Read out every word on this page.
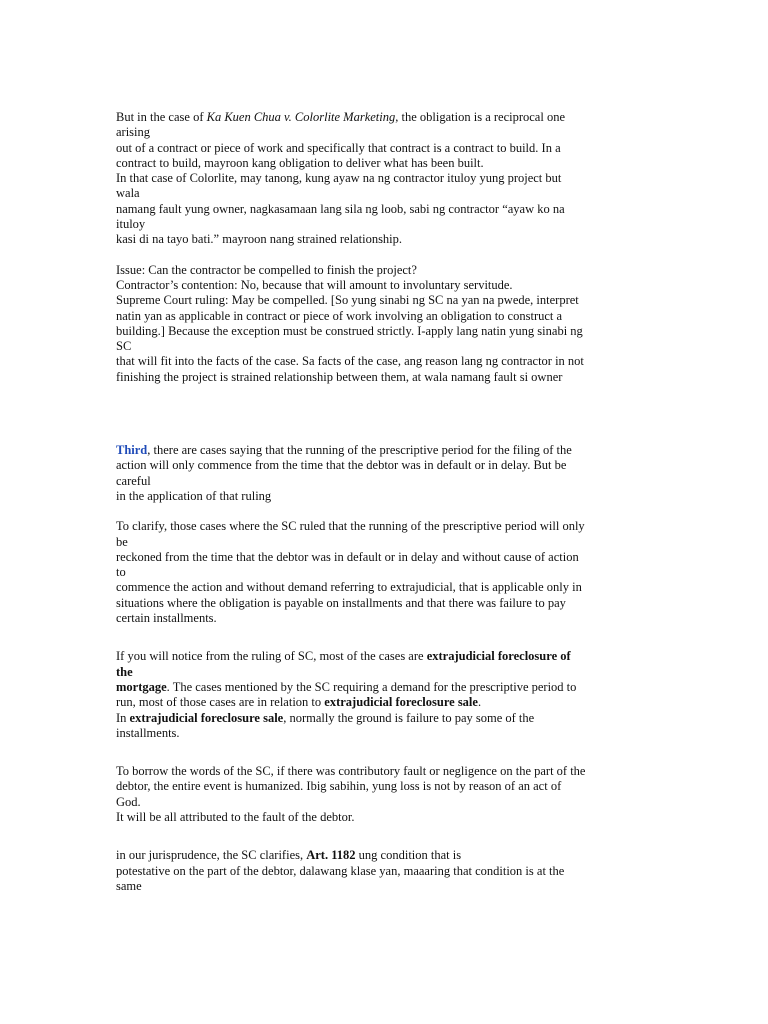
But in the case of Ka Kuen Chua v. Colorlite Marketing, the obligation is a reciprocal one
arising
out of a contract or piece of work and specifically that contract is a contract to build. In a
contract to build, mayroon kang obligation to deliver what has been built.
In that case of Colorlite, may tanong, kung ayaw na ng contractor ituloy yung project but
wala
namang fault yung owner, nagkasamaan lang sila ng loob, sabi ng contractor “ayaw ko na
ituloy
kasi di na tayo bati.” mayroon nang strained relationship.
Issue: Can the contractor be compelled to finish the project?
Contractor’s contention: No, because that will amount to involuntary servitude.
Supreme Court ruling: May be compelled. [So yung sinabi ng SC na yan na pwede, interpret
natin yan as applicable in contract or piece of work involving an obligation to construct a
building.] Because the exception must be construed strictly. I-apply lang natin yung sinabi ng
SC
that will fit into the facts of the case. Sa facts of the case, ang reason lang ng contractor in not
finishing the project is strained relationship between them, at wala namang fault si owner
Third, there are cases saying that the running of the prescriptive period for the filing of the
action will only commence from the time that the debtor was in default or in delay. But be
careful
in the application of that ruling
To clarify, those cases where the SC ruled that the running of the prescriptive period will only
be
reckoned from the time that the debtor was in default or in delay and without cause of action
to
commence the action and without demand referring to extrajudicial, that is applicable only in
situations where the obligation is payable on installments and that there was failure to pay
certain installments.
If you will notice from the ruling of SC, most of the cases are extrajudicial foreclosure of
the
mortgage. The cases mentioned by the SC requiring a demand for the prescriptive period to
run, most of those cases are in relation to extrajudicial foreclosure sale.
In extrajudicial foreclosure sale, normally the ground is failure to pay some of the
installments.
To borrow the words of the SC, if there was contributory fault or negligence on the part of the
debtor, the entire event is humanized. Ibig sabihin, yung loss is not by reason of an act of
God.
It will be all attributed to the fault of the debtor.
in our jurisprudence, the SC clarifies, Art. 1182 ung condition that is
potestative on the part of the debtor, dalawang klase yan, maaaring that condition is at the
same
